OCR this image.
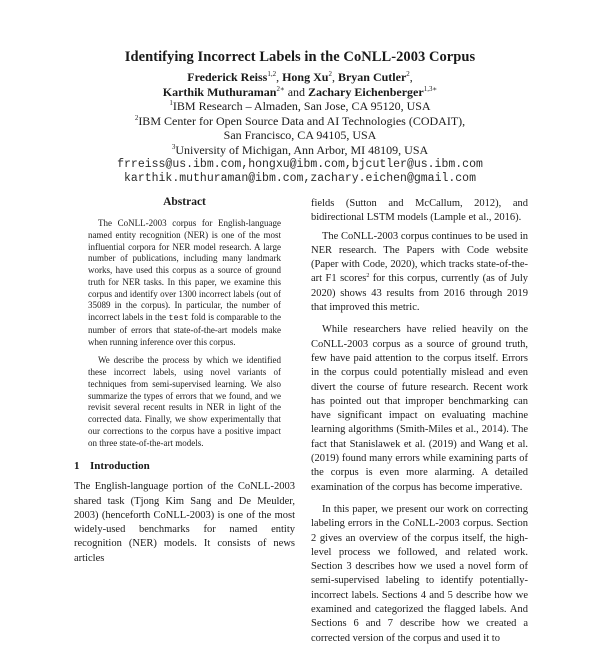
Identifying Incorrect Labels in the CoNLL-2003 Corpus
Frederick Reiss$^{1,2}$, Hong Xu$^2$, Bryan Cutler$^2$,
Karthik Muthuraman$^{2∗}$ and Zachary Eichenberger$^{1,3∗}$
$^1$IBM Research – Almaden, San Jose, CA 95120, USA
$^2$IBM Center for Open Source Data and AI Technologies (CODAIT),
San Francisco, CA 94105, USA
$^3$University of Michigan, Ann Arbor, MI 48109, USA
frreiss@us.ibm.com,hongxu@ibm.com,bjcutler@us.ibm.com
karthik.muthuraman@ibm.com,zachary.eichen@gmail.com
Abstract

The CoNLL-2003 corpus for English-language named entity recognition (NER) is one of the most influential corpora for NER model research. A large number of publications, including many landmark works, have used this corpus as a source of ground truth for NER tasks. In this paper, we examine this corpus and identify over 1300 incorrect labels (out of 35089 in the corpus). In particular, the number of incorrect labels in the test fold is comparable to the number of errors that state-of-the-art models make when running inference over this corpus.

We describe the process by which we identified these incorrect labels, using novel variants of techniques from semi-supervised learning. We also summarize the types of errors that we found, and we revisit several recent results in NER in light of the corrected data. Finally, we show experimentally that our corrections to the corpus have a positive impact on three state-of-the-art models.

1 Introduction

The English-language portion of the CoNLL-2003 shared task (Tjong Kim Sang and De Meulder, 2003) (henceforth CoNLL-2003) is one of the most widely-used benchmarks for named entity recognition (NER) models. It consists of news articles

fields (Sutton and McCallum, 2012), and bidirectional LSTM models (Lample et al., 2016).

The CoNLL-2003 corpus continues to be used in NER research. The Papers with Code website (Paper with Code, 2020), which tracks state-of-the-art F1 scores$^2$ for this corpus, currently (as of July 2020) shows 43 results from 2016 through 2019 that improved this metric.

While researchers have relied heavily on the CoNLL-2003 corpus as a source of ground truth, few have paid attention to the corpus itself. Errors in the corpus could potentially mislead and even divert the course of future research. Recent work has pointed out that improper benchmarking can have significant impact on evaluating machine learning algorithms (Smith-Miles et al., 2014). The fact that Stanislawek et al. (2019) and Wang et al. (2019) found many errors while examining parts of the corpus is even more alarming. A detailed examination of the corpus has become imperative.

In this paper, we present our work on correcting labeling errors in the CoNLL-2003 corpus. Section 2 gives an overview of the corpus itself, the high-level process we followed, and related work. Section 3 describes how we used a novel form of semi-supervised labeling to identify potentially-incorrect labels. Sections 4 and 5 describe how we examined and categorized the flagged labels. And Sections 6 and 7 describe how we created a corrected version of the corpus and used it to
